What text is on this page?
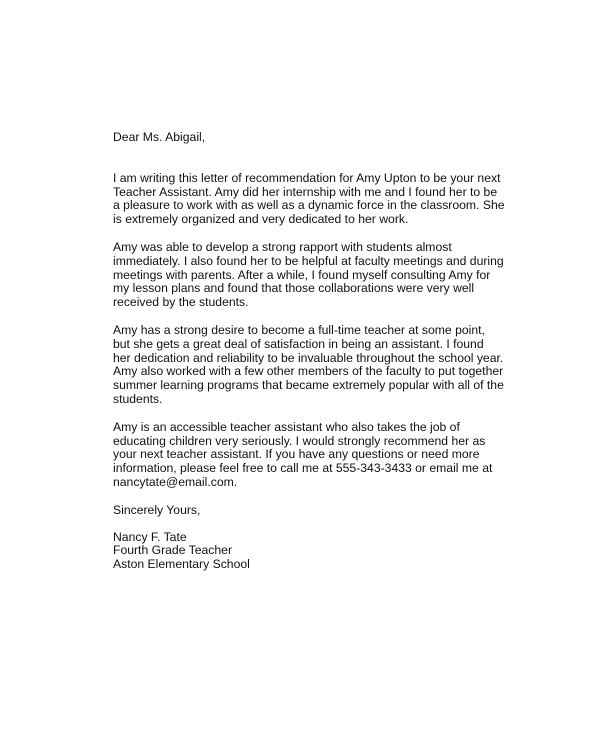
Dear Ms. Abigail,
I am writing this letter of recommendation for Amy Upton to be your next
Teacher Assistant. Amy did her internship with me and I found her to be
a pleasure to work with as well as a dynamic force in the classroom. She
is extremely organized and very dedicated to her work.
Amy was able to develop a strong rapport with students almost
immediately. I also found her to be helpful at faculty meetings and during
meetings with parents. After a while, I found myself consulting Amy for
my lesson plans and found that those collaborations were very well
received by the students.
Amy has a strong desire to become a full-time teacher at some point,
but she gets a great deal of satisfaction in being an assistant. I found
her dedication and reliability to be invaluable throughout the school year.
Amy also worked with a few other members of the faculty to put together
summer learning programs that became extremely popular with all of the
students.
Amy is an accessible teacher assistant who also takes the job of
educating children very seriously. I would strongly recommend her as
your next teacher assistant. If you have any questions or need more
information, please feel free to call me at 555-343-3433 or email me at
nancytate@email.com.
Sincerely Yours,
Nancy F. Tate
Fourth Grade Teacher
Aston Elementary School
